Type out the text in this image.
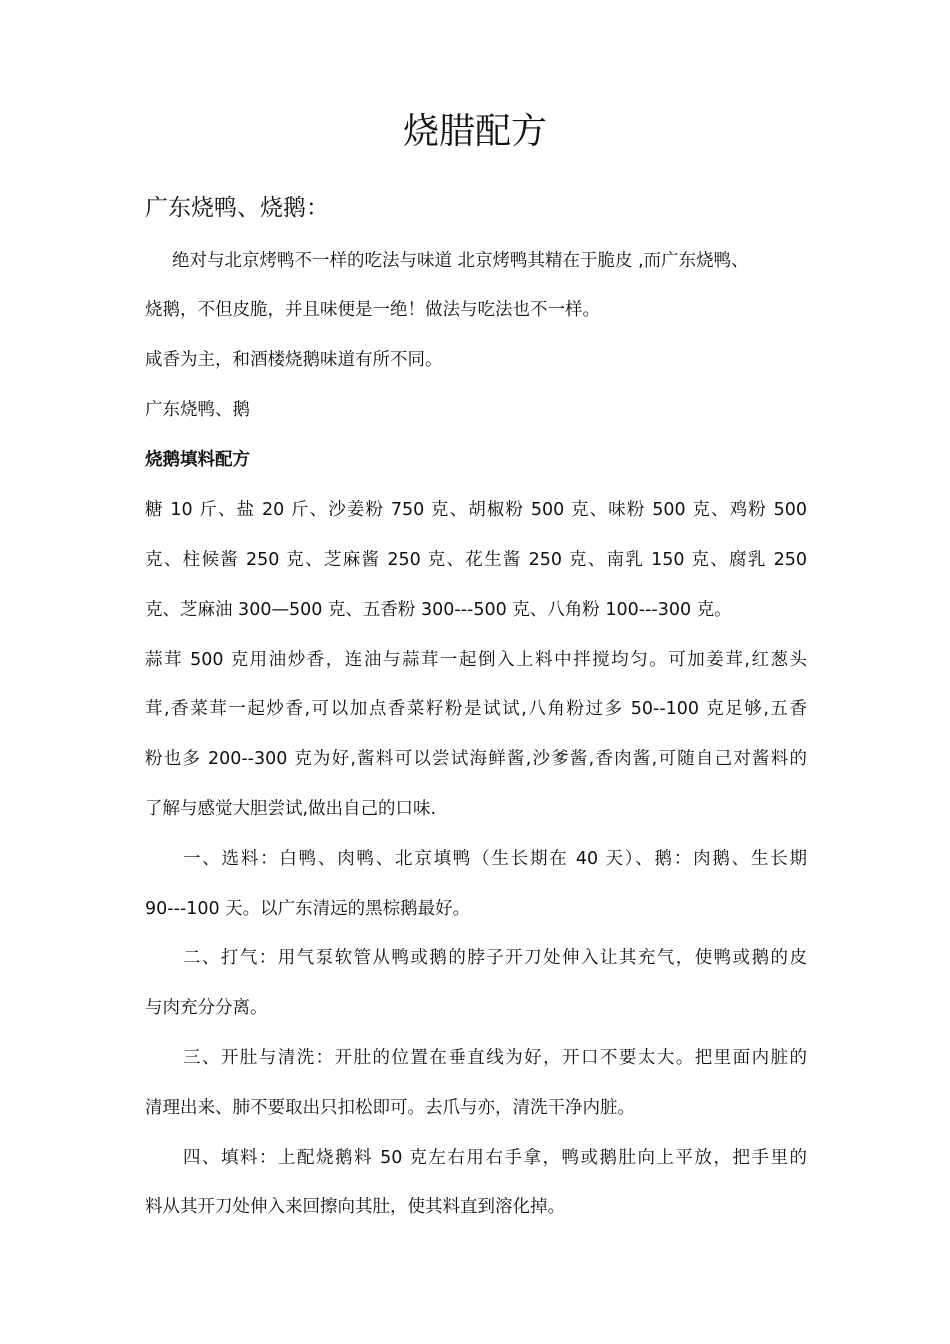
烧腊配方
广东烧鸭、烧鹅：
绝对与北京烤鸭不一样的吃法与味道 北京烤鸭其精在于脆皮 ,而广东烧鸭、
烧鹅，不但皮脆，并且味便是一绝！做法与吃法也不一样。
咸香为主，和酒楼烧鹅味道有所不同。
广东烧鸭、鹅
烧鹅填料配方
糖 10 斤、盐 20 斤、沙姜粉 750 克、胡椒粉 500 克、味粉 500 克、鸡粉 500
克、柱候酱 250 克、芝麻酱 250 克、花生酱 250 克、南乳 150 克、腐乳 250
克、芝麻油 300—500 克、五香粉 300---500 克、八角粉 100---300 克。
蒜茸 500 克用油炒香，连油与蒜茸一起倒入上料中拌搅均匀。可加姜茸,红葱头
茸,香菜茸一起炒香,可以加点香菜籽粉是试试,八角粉过多 50--100 克足够,五香
粉也多 200--300 克为好,酱料可以尝试海鲜酱,沙爹酱,香肉酱,可随自己对酱料的
了解与感觉大胆尝试,做出自己的口味.
一、选料：白鸭、肉鸭、北京填鸭（生长期在 40 天）、鹅：肉鹅、生长期
90---100 天。以广东清远的黑棕鹅最好。
二、打气：用气泵软管从鸭或鹅的脖子开刀处伸入让其充气，使鸭或鹅的皮
与肉充分分离。
三、开肚与清洗：开肚的位置在垂直线为好，开口不要太大。把里面内脏的
清理出来、肺不要取出只扣松即可。去爪与亦，清洗干净内脏。
四、填料：上配烧鹅料 50 克左右用右手拿，鸭或鹅肚向上平放，把手里的
料从其开刀处伸入来回擦向其肚，使其料直到溶化掉。
